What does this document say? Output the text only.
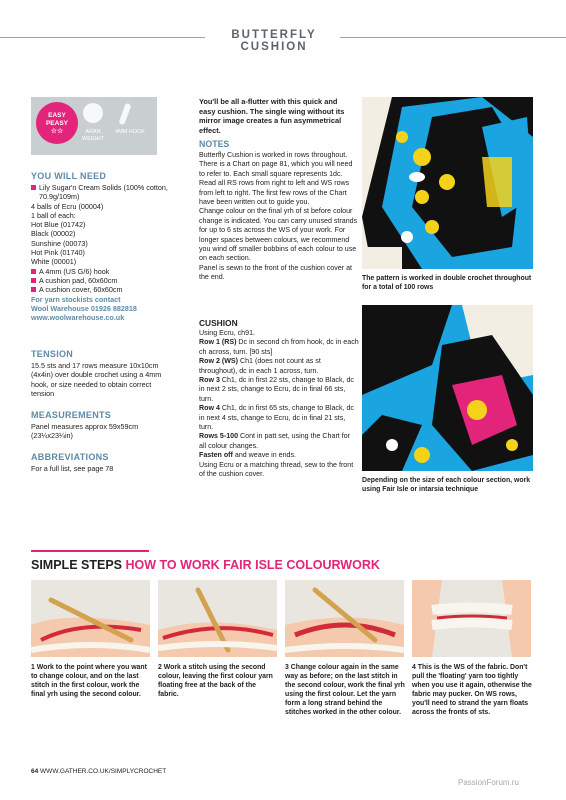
BUTTERFLY CUSHION
EASY
PEASY
☆☆	ARAN WEIGHT
4MM HOOK
YOU WILL NEED
Lily Sugar'n Cream Solids (100% cotton, 70.9g/109m)
4 balls of Ecru (00004)
1 ball of each:
Hot Blue (01742)
Black (00002)
Sunshine (00073)
Hot Pink (01740)
White (00001)
A 4mm (US G/6) hook
A cushion pad, 60x60cm
A cushion cover, 60x60cm
For yarn stockists contact
Wool Warehouse 01926 882818
www.woolwarehouse.co.uk
TENSION
15.5 sts and 17 rows measure 10x10cm (4x4in) over double crochet using a 4mm hook, or size needed to obtain correct tension
MEASUREMENTS
Panel measures approx 59x59cm (23¼x23¼in)
ABBREVIATIONS
For a full list, see page 78
You'll be all a-flutter with this quick and easy cushion. The single wing without its mirror image creates a fun asymmetrical effect.
NOTES
Butterfly Cushion is worked in rows throughout.
There is a Chart on page 81, which you will need to refer to. Each small square represents 1dc. Read all RS rows from right to left and WS rows from left to right. The first few rows of the Chart have been written out to guide you.
Change colour on the final yrh of st before colour change is indicated. You can carry unused strands for up to 6 sts across the WS of your work. For longer spaces between colours, we recommend you wind off smaller bobbins of each colour to use on each section.
Panel is sewn to the front of the cushion cover at the end.
CUSHION
Using Ecru, ch91.
Row 1 (RS) Dc in second ch from hook, dc in each ch across, turn. [90 sts]
Row 2 (WS) Ch1 (does not count as st throughout), dc in each 1 across, turn.
Row 3 Ch1, dc in first 22 sts, change to Black, dc in next 2 sts, change to Ecru, dc in final 66 sts, turn.
Row 4 Ch1, dc in first 65 sts, change to Black, dc in next 4 sts, change to Ecru, dc in final 21 sts, turn.
Rows 5-100 Cont in patt set, using the Chart for all colour changes.
Fasten off and weave in ends.
Using Ecru or a matching thread, sew to the front of the cushion cover.
The pattern is worked in double crochet throughout for a total of 100 rows
Depending on the size of each colour section, work using Fair Isle or intarsia technique
SIMPLE STEPS HOW TO WORK FAIR ISLE COLOURWORK
1 Work to the point where you want to change colour, and on the last stitch in the first colour, work the final yrh using the second colour.
2 Work a stitch using the second colour, leaving the first colour yarn floating free at the back of the fabric.
3 Change colour again in the same way as before; on the last stitch in the second colour, work the final yrh using the first colour. Let the yarn form a long strand behind the stitches worked in the other colour.
4 This is the WS of the fabric. Don't pull the 'floating' yarn too tightly when you use it again, otherwise the fabric may pucker. On WS rows, you'll need to strand the yarn floats across the fronts of sts.
64 WWW.GATHER.CO.UK/SIMPLYCROCHET
PassionForum.ru
